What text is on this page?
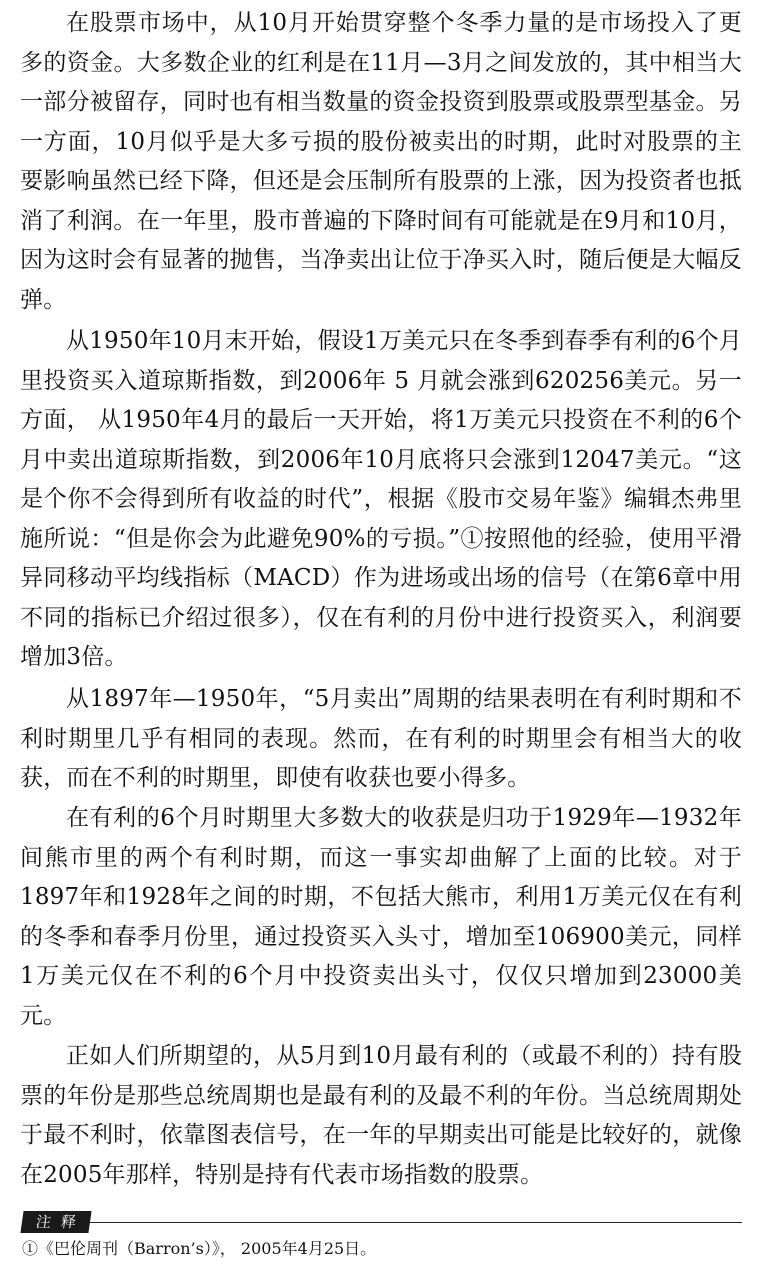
在股票市场中，从10月开始贯穿整个冬季力量的是市场投入了更多的资金。大多数企业的红利是在11月—3月之间发放的，其中相当大一部分被留存，同时也有相当数量的资金投资到股票或股票型基金。另一方面，10月似乎是大多亏损的股份被卖出的时期，此时对股票的主要影响虽然已经下降，但还是会压制所有股票的上涨，因为投资者也抵消了利润。在一年里，股市普遍的下降时间有可能就是在9月和10月，因为这时会有显著的抛售，当净卖出让位于净买入时，随后便是大幅反弹。

从1950年10月末开始，假设1万美元只在冬季到春季有利的6个月里投资买入道琼斯指数，到2006年 5 月就会涨到620256美元。另一方面， 从1950年4月的最后一天开始，将1万美元只投资在不利的6个月中卖出道琼斯指数，到2006年10月底将只会涨到12047美元。“这是个你不会得到所有收益的时代”，根据《股市交易年鉴》编辑杰弗里施所说：“但是你会为此避免90%的亏损。”①按照他的经验，使用平滑异同移动平均线指标（MACD）作为进场或出场的信号（在第6章中用不同的指标已介绍过很多），仅在有利的月份中进行投资买入，利润要增加3倍。

从1897年—1950年，“5月卖出”周期的结果表明在有利时期和不利时期里几乎有相同的表现。然而，在有利的时期里会有相当大的收获，而在不利的时期里，即使有收获也要小得多。

在有利的6个月时期里大多数大的收获是归功于1929年—1932年间熊市里的两个有利时期，而这一事实却曲解了上面的比较。对于1897年和1928年之间的时期，不包括大熊市，利用1万美元仅在有利的冬季和春季月份里，通过投资买入头寸，增加至106900美元，同样1万美元仅在不利的6个月中投资卖出头寸，仅仅只增加到23000美元。

正如人们所期望的，从5月到10月最有利的（或最不利的）持有股票的年份是那些总统周期也是最有利的及最不利的年份。当总统周期处于最不利时，依靠图表信号，在一年的早期卖出可能是比较好的，就像在2005年那样，特别是持有代表市场指数的股票。

注释

①《巴伦周刊（Barron’s）》， 2005年4月25日。
